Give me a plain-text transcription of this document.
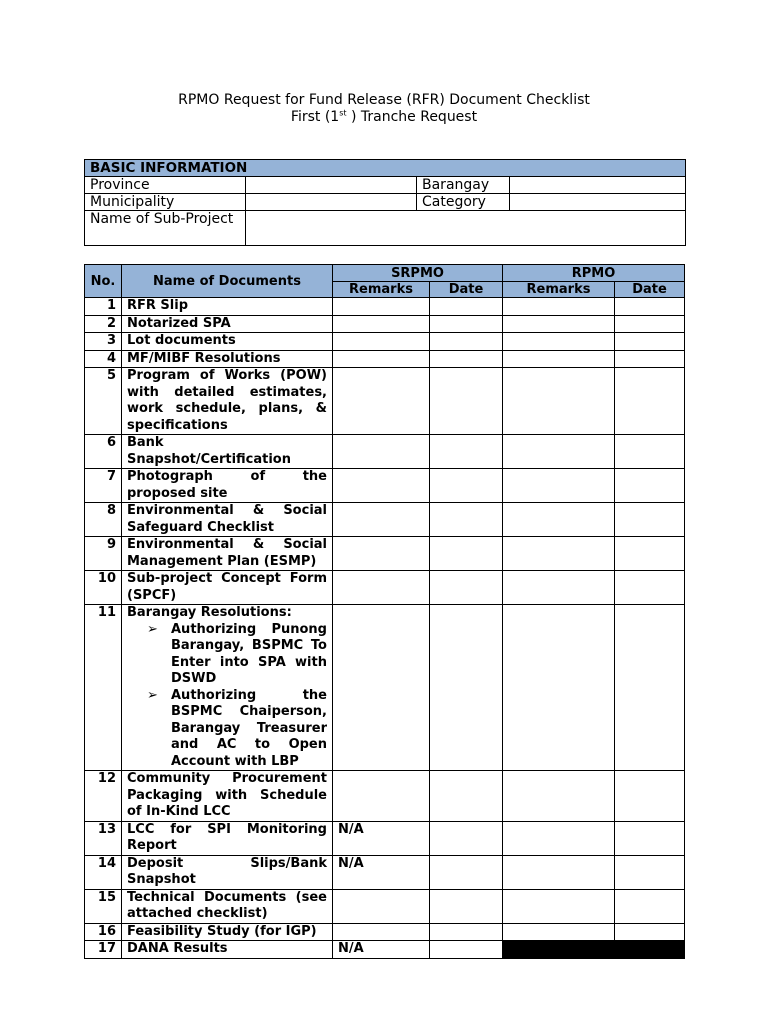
RPMO Request for Fund Release (RFR) Document Checklist
First (1st ) Tranche Request
BASIC INFORMATION			
Province		Barangay	
Municipality		Category	
Name of Sub-Project			
No.	Name of Documents	SRPMO		RPMO	
		Remarks	Date	Remarks	Date
1	RFR Slip				

2	Notarized SPA				

3	Lot documents				

4	MF/MIBF Resolutions				

5	Program of Works (POW) with detailed estimates, work schedule, plans, & specifications				

6	Bank Snapshot/Certification				

7	Photograph of the proposed site				

8	Environmental & Social Safeguard Checklist				

9	Environmental & Social Management Plan (ESMP)				

10	Sub-project Concept Form (SPCF)				

11	Barangay Resolutions:
➢ Authorizing Punong Barangay, BSPMC To Enter into SPA with DSWD
➢ Authorizing the BSPMC Chaiperson, Barangay Treasurer and AC to Open Account with LBP				

12	Community Procurement Packaging with Schedule of In-Kind LCC				

13	LCC for SPI Monitoring Report	N/A			
14	Deposit Slips/Bank Snapshot	N/A			
15	Technical Documents (see attached checklist)				

16	Feasibility Study (for IGP)				

17	DANA Results	N/A			
